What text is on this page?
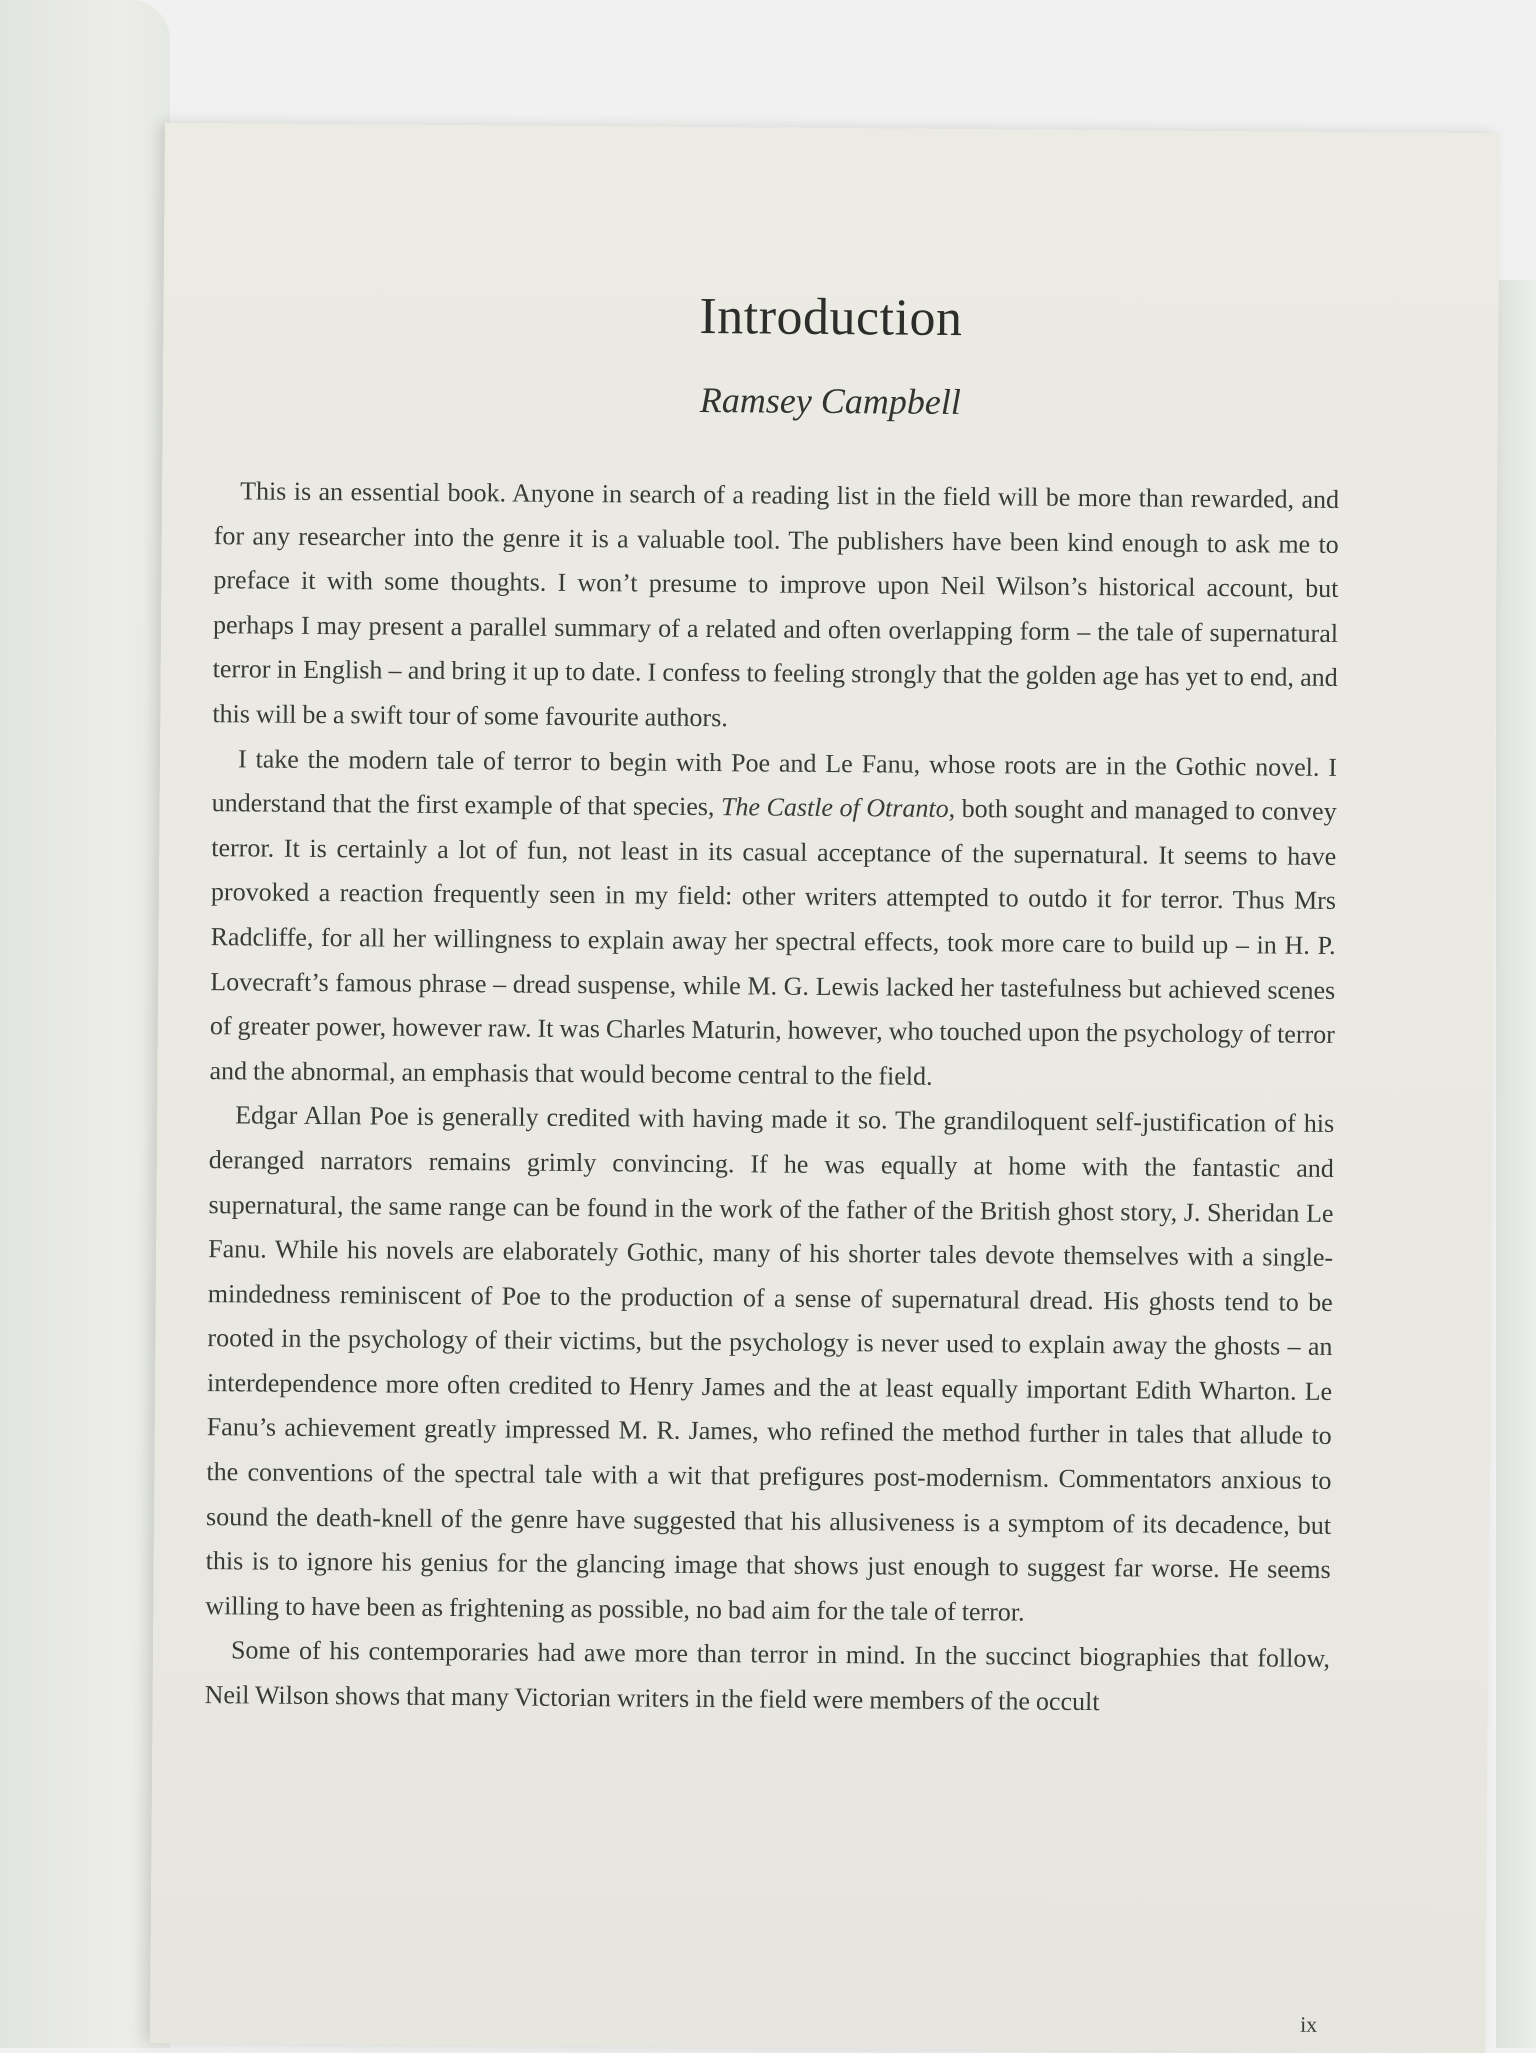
Introduction
Ramsey Campbell

This is an essential book. Anyone in search of a reading list in the field will be more than rewarded, and for any researcher into the genre it is a valuable tool. The publishers have been kind enough to ask me to preface it with some thoughts. I won’t presume to improve upon Neil Wilson’s historical account, but perhaps I may present a parallel summary of a related and often overlapping form – the tale of supernatural terror in English – and bring it up to date. I confess to feeling strongly that the golden age has yet to end, and this will be a swift tour of some favourite authors.

I take the modern tale of terror to begin with Poe and Le Fanu, whose roots are in the Gothic novel. I understand that the first example of that species, The Castle of Otranto, both sought and managed to convey terror. It is certainly a lot of fun, not least in its casual acceptance of the supernatural. It seems to have provoked a reaction frequently seen in my field: other writers attempted to outdo it for terror. Thus Mrs Radcliffe, for all her willingness to explain away her spectral effects, took more care to build up – in H. P. Lovecraft’s famous phrase – dread suspense, while M. G. Lewis lacked her tastefulness but achieved scenes of greater power, however raw. It was Charles Maturin, however, who touched upon the psychology of terror and the abnormal, an emphasis that would become central to the field.

Edgar Allan Poe is generally credited with having made it so. The grandiloquent self-justification of his deranged narrators remains grimly convincing. If he was equally at home with the fantastic and supernatural, the same range can be found in the work of the father of the British ghost story, J. Sheridan Le Fanu. While his novels are elaborately Gothic, many of his shorter tales devote themselves with a single-mindedness reminiscent of Poe to the production of a sense of supernatural dread. His ghosts tend to be rooted in the psychology of their victims, but the psychology is never used to explain away the ghosts – an interdependence more often credited to Henry James and the at least equally important Edith Wharton. Le Fanu’s achievement greatly impressed M. R. James, who refined the method further in tales that allude to the conventions of the spectral tale with a wit that prefigures post-modernism. Commentators anxious to sound the death-knell of the genre have suggested that his allusiveness is a symptom of its decadence, but this is to ignore his genius for the glancing image that shows just enough to suggest far worse. He seems willing to have been as frightening as possible, no bad aim for the tale of terror.

Some of his contemporaries had awe more than terror in mind. In the succinct biographies that follow, Neil Wilson shows that many Victorian writers in the field were members of the occult

ix
